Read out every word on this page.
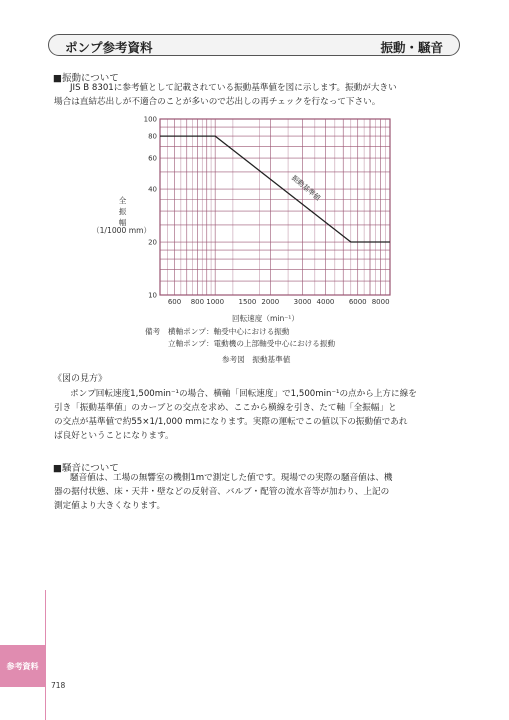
ポンプ参考資料	振動・騒音
■振動について
JIS B 8301に参考値として記載されている振動基準値を図に示します。振動が大きい
場合は直結芯出しが不適合のことが多いので芯出しの再チェックを行なって下さい。
10
20
40
60
80
100
600 800 1000 1500 2000 3000 4000 6000 8000
振動基準値
全
振
幅
（1/1000 mm）
回転速度（min⁻¹）
備考 横軸ポンプ：軸受中心における振動
立軸ポンプ：電動機の上部軸受中心における振動
参考図　振動基準値
《図の見方》
ポンプ回転速度1,500min⁻¹の場合、横軸「回転速度」で1,500min⁻¹の点から上方に線を
引き「振動基準値」のカーブとの交点を求め、ここから横線を引き、たて軸「全振幅」と
の交点が基準値で約55×1/1,000 mmになります。実際の運転でこの値以下の振動値であれ
ば良好ということになります。
■騒音について
騒音値は、工場の無響室の機側1mで測定した値です。現場での実際の騒音値は、機
器の据付状態、床・天井・壁などの反射音、バルブ・配管の流水音等が加わり、上記の
測定値より大きくなります。
参考資料
718
